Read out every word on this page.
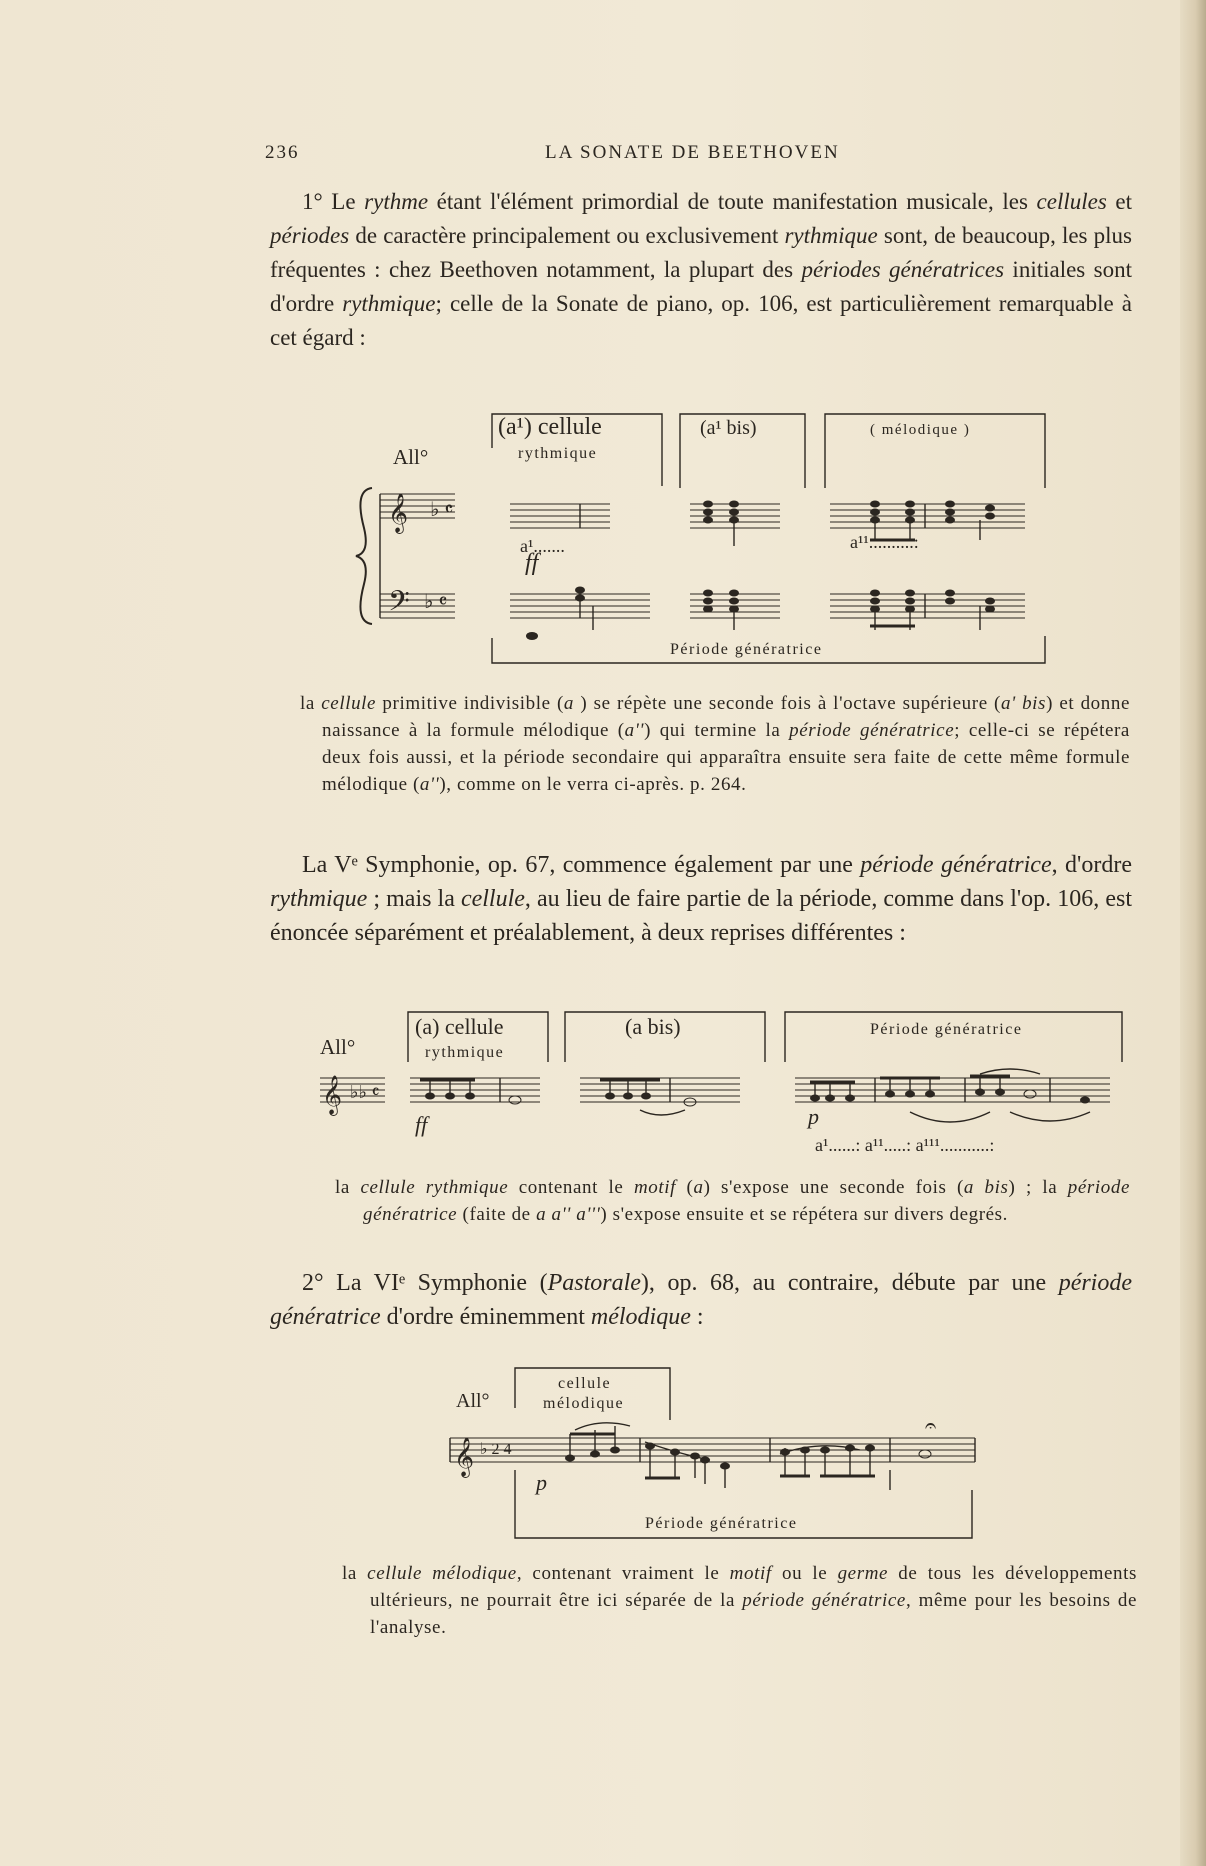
236	LA SONATE DE BEETHOVEN

1° Le rythme étant l'élément primordial de toute manifestation musicale, les cellules et périodes de caractère principalement ou exclusivement rythmique sont, de beaucoup, les plus fréquentes : chez Beethoven notamment, la plupart des périodes génératrices initiales sont d'ordre rythmique; celle de la Sonate de piano, op. 106, est particulièrement remarquable à cet égard :

𝄞
𝄢
♭ 𝄴
♭ 𝄴
(a¹) cellule
rythmique
(a¹ bis)	( mélodique )
All°
ff
a¹.......	a¹¹..........:
Période génératrice

la cellule primitive indivisible (a ) se répète une seconde fois à l'octave supérieure (a' bis) et donne naissance à la formule mélodique (a'') qui termine la période génératrice; celle-ci se répétera deux fois aussi, et la période secondaire qui apparaîtra ensuite sera faite de cette même formule mélodique (a''), comme on le verra ci-après. p. 264.

La Vᵉ Symphonie, op. 67, commence également par une période génératrice, d'ordre rythmique ; mais la cellule, au lieu de faire partie de la période, comme dans l'op. 106, est énoncée séparément et préalablement, à deux reprises différentes :

𝄞 ♭♭ 𝄴
All°
(a) cellule
rythmique
(a bis)	Période génératrice
ff	p
a¹......: a¹¹.....: a¹¹¹...........:

la cellule rythmique contenant le motif (a) s'expose une seconde fois (a bis) ; la période génératrice (faite de a a'' a''') s'expose ensuite et se répétera sur divers degrés.

2° La VIᵉ Symphonie (Pastorale), op. 68, au contraire, débute par une période génératrice d'ordre éminemment mélodique :

𝄐
𝄞 ♭ 2 4
All°
cellule
mélodique
p
Période génératrice

la cellule mélodique, contenant vraiment le motif ou le germe de tous les développements ultérieurs, ne pourrait être ici séparée de la période génératrice, même pour les besoins de l'analyse.
